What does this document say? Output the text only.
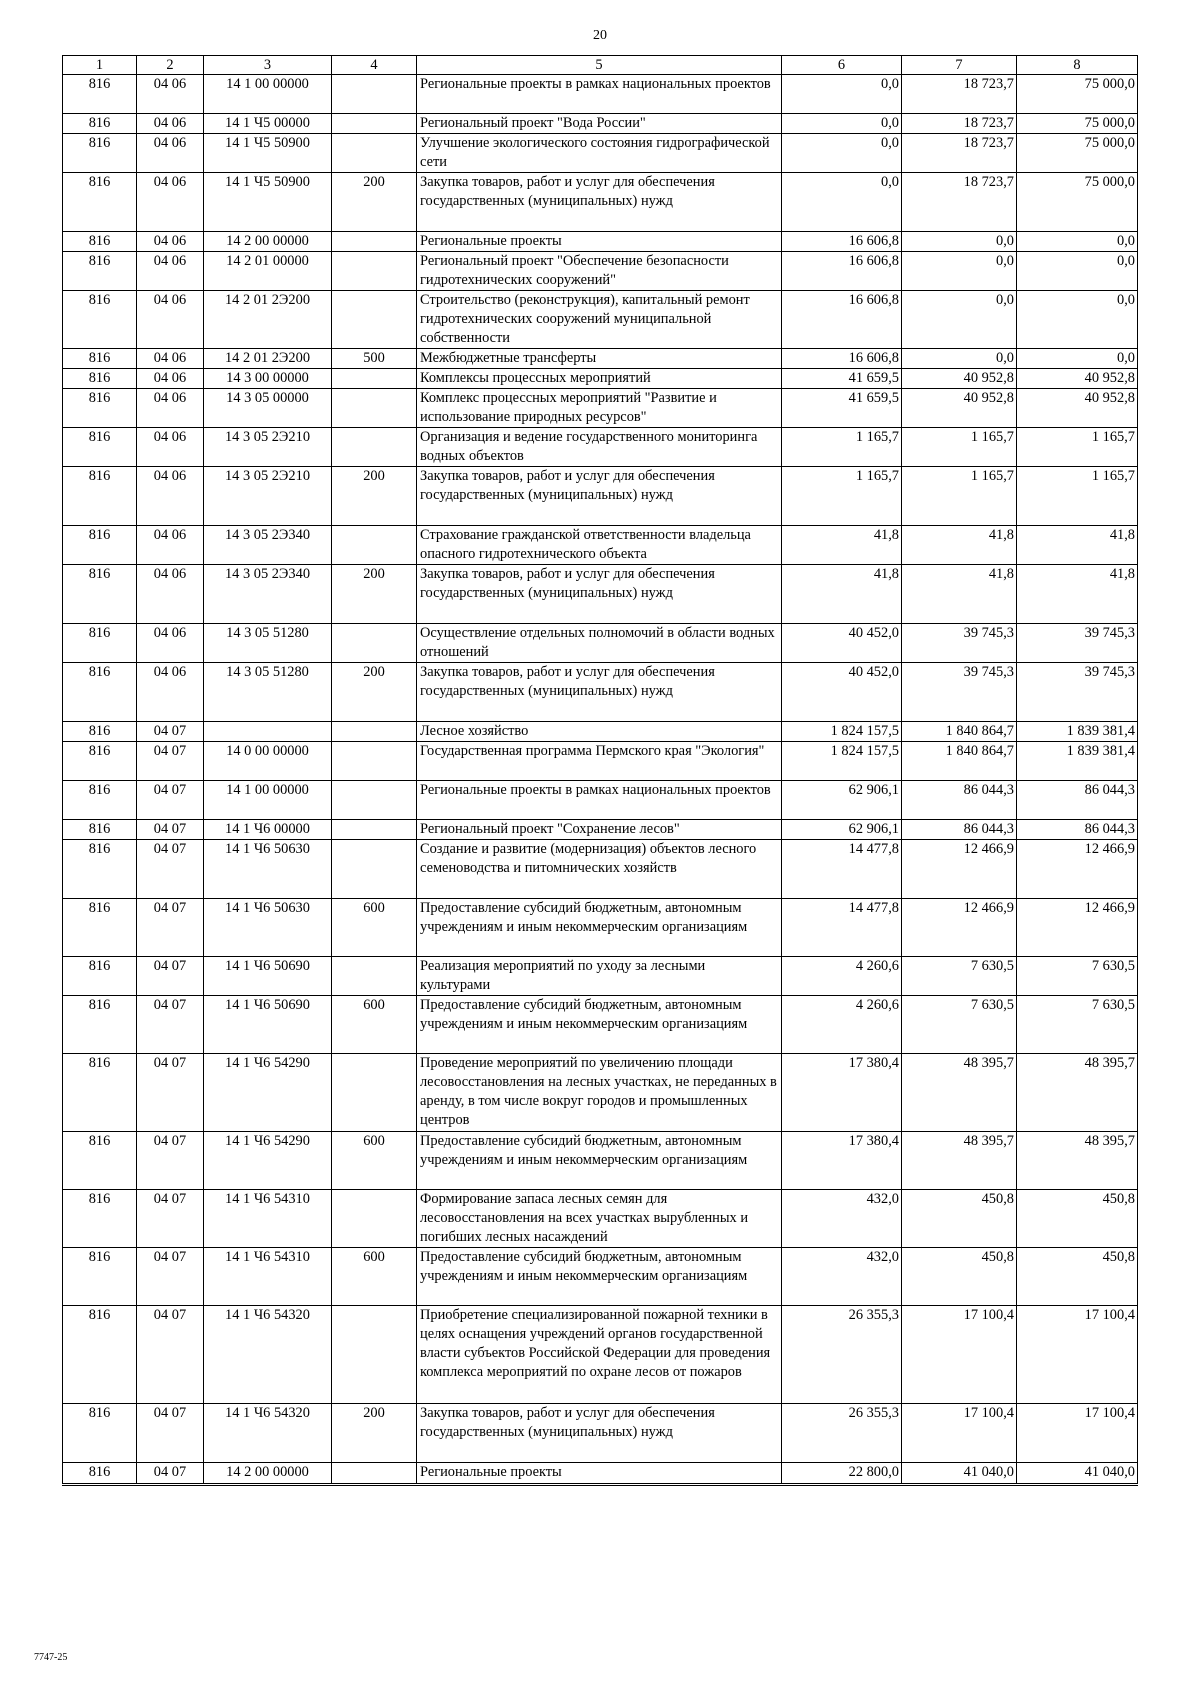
20
1	2	3	4	5	6	7	8
816	04 06	14 1 00 00000		Региональные проекты в рамках национальных проектов	0,0	18 723,7	75 000,0
816	04 06	14 1 Ч5 00000		Региональный проект "Вода России"	0,0	18 723,7	75 000,0
816	04 06	14 1 Ч5 50900		Улучшение экологического состояния гидрографической сети	0,0	18 723,7	75 000,0
816	04 06	14 1 Ч5 50900	200	Закупка товаров, работ и услуг для обеспечения государственных (муниципальных) нужд	0,0	18 723,7	75 000,0
816	04 06	14 2 00 00000		Региональные проекты	16 606,8	0,0	0,0
816	04 06	14 2 01 00000		Региональный проект "Обеспечение безопасности гидротехнических сооружений"	16 606,8	0,0	0,0
816	04 06	14 2 01 2Э200		Строительство (реконструкция), капитальный ремонт гидротехнических сооружений муниципальной собственности	16 606,8	0,0	0,0
816	04 06	14 2 01 2Э200	500	Межбюджетные трансферты	16 606,8	0,0	0,0
816	04 06	14 3 00 00000		Комплексы процессных мероприятий	41 659,5	40 952,8	40 952,8
816	04 06	14 3 05 00000		Комплекс процессных мероприятий "Развитие и использование природных ресурсов"	41 659,5	40 952,8	40 952,8
816	04 06	14 3 05 2Э210		Организация и ведение государственного мониторинга водных объектов	1 165,7	1 165,7	1 165,7
816	04 06	14 3 05 2Э210	200	Закупка товаров, работ и услуг для обеспечения государственных (муниципальных) нужд	1 165,7	1 165,7	1 165,7
816	04 06	14 3 05 2Э340		Страхование гражданской ответственности владельца опасного гидротехнического объекта	41,8	41,8	41,8
816	04 06	14 3 05 2Э340	200	Закупка товаров, работ и услуг для обеспечения государственных (муниципальных) нужд	41,8	41,8	41,8
816	04 06	14 3 05 51280		Осуществление отдельных полномочий в области водных отношений	40 452,0	39 745,3	39 745,3
816	04 06	14 3 05 51280	200	Закупка товаров, работ и услуг для обеспечения государственных (муниципальных) нужд	40 452,0	39 745,3	39 745,3
816	04 07			Лесное хозяйство	1 824 157,5	1 840 864,7	1 839 381,4
816	04 07	14 0 00 00000		Государственная программа Пермского края "Экология"	1 824 157,5	1 840 864,7	1 839 381,4
816	04 07	14 1 00 00000		Региональные проекты в рамках национальных проектов	62 906,1	86 044,3	86 044,3
816	04 07	14 1 Ч6 00000		Региональный проект "Сохранение лесов"	62 906,1	86 044,3	86 044,3
816	04 07	14 1 Ч6 50630		Создание и развитие (модернизация) объектов лесного семеноводства и питомнических хозяйств	14 477,8	12 466,9	12 466,9
816	04 07	14 1 Ч6 50630	600	Предоставление субсидий бюджетным, автономным учреждениям и иным некоммерческим организациям	14 477,8	12 466,9	12 466,9
816	04 07	14 1 Ч6 50690		Реализация мероприятий по уходу за лесными культурами	4 260,6	7 630,5	7 630,5
816	04 07	14 1 Ч6 50690	600	Предоставление субсидий бюджетным, автономным учреждениям и иным некоммерческим организациям	4 260,6	7 630,5	7 630,5
816	04 07	14 1 Ч6 54290		Проведение мероприятий по увеличению площади лесовосстановления на лесных участках, не переданных в аренду, в том числе вокруг городов и промышленных центров	17 380,4	48 395,7	48 395,7
816	04 07	14 1 Ч6 54290	600	Предоставление субсидий бюджетным, автономным учреждениям и иным некоммерческим организациям	17 380,4	48 395,7	48 395,7
816	04 07	14 1 Ч6 54310		Формирование запаса лесных семян для лесовосстановления на всех участках вырубленных и погибших лесных насаждений	432,0	450,8	450,8
816	04 07	14 1 Ч6 54310	600	Предоставление субсидий бюджетным, автономным учреждениям и иным некоммерческим организациям	432,0	450,8	450,8
816	04 07	14 1 Ч6 54320		Приобретение специализированной пожарной техники в целях оснащения учреждений органов государственной власти субъектов Российской Федерации для проведения комплекса мероприятий по охране лесов от пожаров	26 355,3	17 100,4	17 100,4
816	04 07	14 1 Ч6 54320	200	Закупка товаров, работ и услуг для обеспечения государственных (муниципальных) нужд	26 355,3	17 100,4	17 100,4
816	04 07	14 2 00 00000		Региональные проекты	22 800,0	41 040,0	41 040,0
7747-25
